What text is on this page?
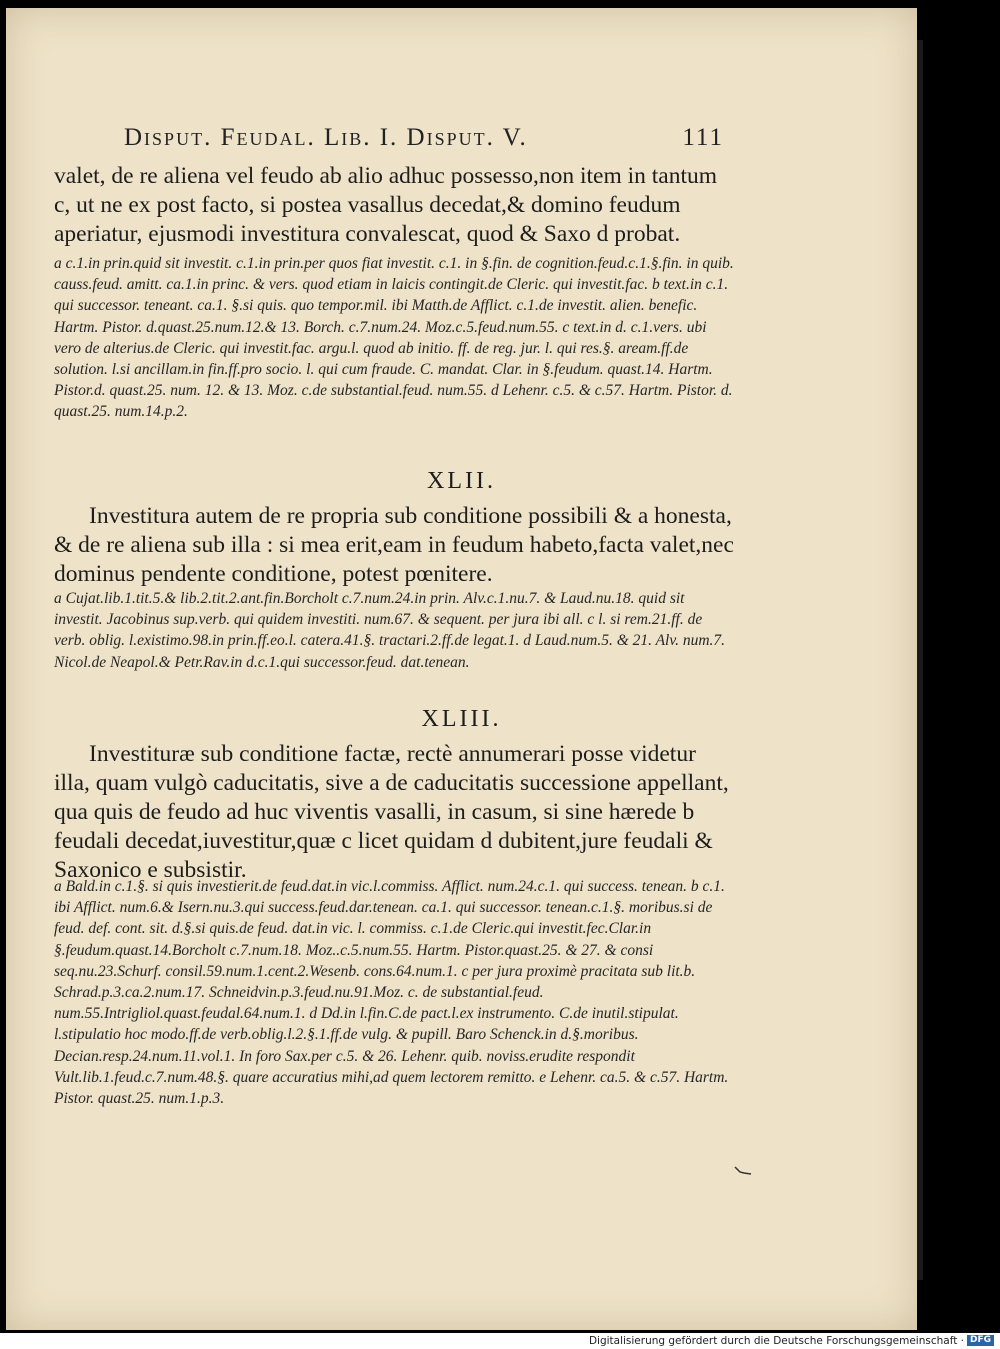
Disput. Feudal. Lib. I. Disput. V.	111
valet, de re aliena vel feudo ab alio adhuc possesso,non item in tantum c, ut ne ex post facto, si postea vasallus decedat,& domino feudum aperiatur, ejusmodi investitura convalescat, quod & Saxo d probat.
a c.1.in prin.quid sit investit. c.1.in prin.per quos fiat investit. c.1. in §.fin. de cognition.feud.c.1.§.fin. in quib. causs.feud. amitt. ca.1.in princ. & vers. quod etiam in laicis contingit.de Cleric. qui investit.fac. b text.in c.1. qui successor. teneant. ca.1. §.si quis. quo tempor.mil. ibi Matth.de Afflict. c.1.de investit. alien. benefic. Hartm. Pistor. d.quast.25.num.12.& 13. Borch. c.7.num.24. Moz.c.5.feud.num.55. c text.in d. c.1.vers. ubi vero de alterius.de Cleric. qui investit.fac. argu.l. quod ab initio. ff. de reg. jur. l. qui res.§. aream.ff.de solution. l.si ancillam.in fin.ff.pro socio. l. qui cum fraude. C. mandat. Clar. in §.feudum. quast.14. Hartm. Pistor.d. quast.25. num. 12. & 13. Moz. c.de substantial.feud. num.55. d Lehenr. c.5. & c.57. Hartm. Pistor. d. quast.25. num.14.p.2.
XLII.
Investitura autem de re propria sub conditione possibili & a honesta, & de re aliena sub illa : si mea erit,eam in feudum habeto,facta valet,nec dominus pendente conditione, potest pœnitere.
a Cujat.lib.1.tit.5.& lib.2.tit.2.ant.fin.Borcholt c.7.num.24.in prin. Alv.c.1.nu.7. & Laud.nu.18. quid sit investit. Jacobinus sup.verb. qui quidem investiti. num.67. & sequent. per jura ibi all. c l. si rem.21.ff. de verb. oblig. l.existimo.98.in prin.ff.eo.l. catera.41.§. tractari.2.ff.de legat.1. d Laud.num.5. & 21. Alv. num.7. Nicol.de Neapol.& Petr.Rav.in d.c.1.qui successor.feud. dat.tenean.
XLIII.
Investituræ sub conditione factæ, rectè annumerari posse videtur illa, quam vulgò caducitatis, sive a de caducitatis successione appellant, qua quis de feudo ad huc viventis vasalli, in casum, si sine hærede b feudali decedat,iuvestitur,quæ c licet quidam d dubitent,jure feudali & Saxonico e subsistir.
a Bald.in c.1.§. si quis investierit.de feud.dat.in vic.l.commiss. Afflict. num.24.c.1. qui success. tenean. b c.1. ibi Afflict. num.6.& Isern.nu.3.qui success.feud.dar.tenean. ca.1. qui successor. tenean.c.1.§. moribus.si de feud. def. cont. sit. d.§.si quis.de feud. dat.in vic. l. commiss. c.1.de Cleric.qui investit.fec.Clar.in §.feudum.quast.14.Borcholt c.7.num.18. Moz..c.5.num.55. Hartm. Pistor.quast.25. & 27. & consi seq.nu.23.Schurf. consil.59.num.1.cent.2.Wesenb. cons.64.num.1. c per jura proximè pracitata sub lit.b. Schrad.p.3.ca.2.num.17. Schneidvin.p.3.feud.nu.91.Moz. c. de substantial.feud. num.55.Intrigliol.quast.feudal.64.num.1. d Dd.in l.fin.C.de pact.l.ex instrumento. C.de inutil.stipulat. l.stipulatio hoc modo.ff.de verb.oblig.l.2.§.1.ff.de vulg. & pupill. Baro Schenck.in d.§.moribus. Decian.resp.24.num.11.vol.1. In foro Sax.per c.5. & 26. Lehenr. quib. noviss.erudite respondit Vult.lib.1.feud.c.7.num.48.§. quare accuratius mihi,ad quem lectorem remitto. e Lehenr. ca.5. & c.57. Hartm. Pistor. quast.25. num.1.p.3.
Digitalisierung gefördert durch die Deutsche Forschungsgemeinschaft · DFG
